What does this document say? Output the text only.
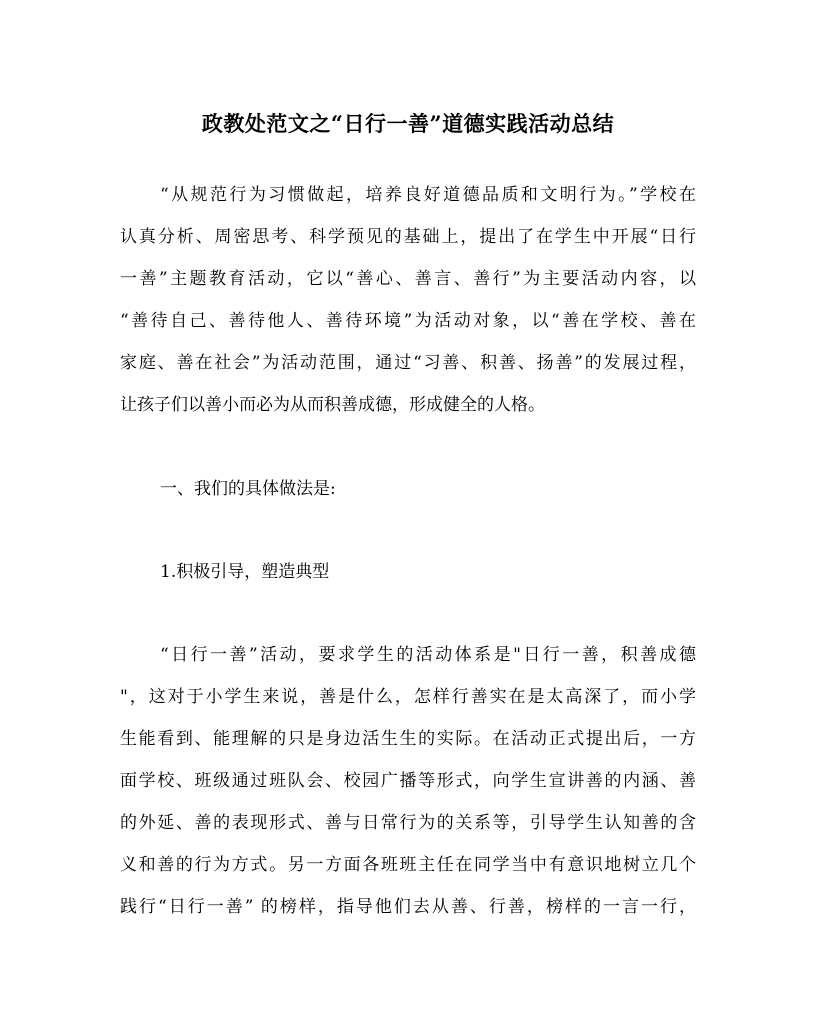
政教处范文之“日行一善”道德实践活动总结
“从规范行为习惯做起，培养良好道德品质和文明行为。”学校在
认真分析、周密思考、科学预见的基础上，提出了在学生中开展“日行
一善”主题教育活动，它以“善心、善言、善行”为主要活动内容，以
“善待自己、善待他人、善待环境”为活动对象，以“善在学校、善在
家庭、善在社会”为活动范围，通过“习善、积善、扬善”的发展过程，
让孩子们以善小而必为从而积善成德，形成健全的人格。
一、我们的具体做法是:
1.积极引导，塑造典型
“日行一善”活动，要求学生的活动体系是"日行一善，积善成德
"，这对于小学生来说，善是什么，怎样行善实在是太高深了，而小学
生能看到、能理解的只是身边活生生的实际。在活动正式提出后，一方
面学校、班级通过班队会、校园广播等形式，向学生宣讲善的内涵、善
的外延、善的表现形式、善与日常行为的关系等，引导学生认知善的含
义和善的行为方式。另一方面各班班主任在同学当中有意识地树立几个
践行“日行一善” 的榜样，指导他们去从善、行善，榜样的一言一行，
